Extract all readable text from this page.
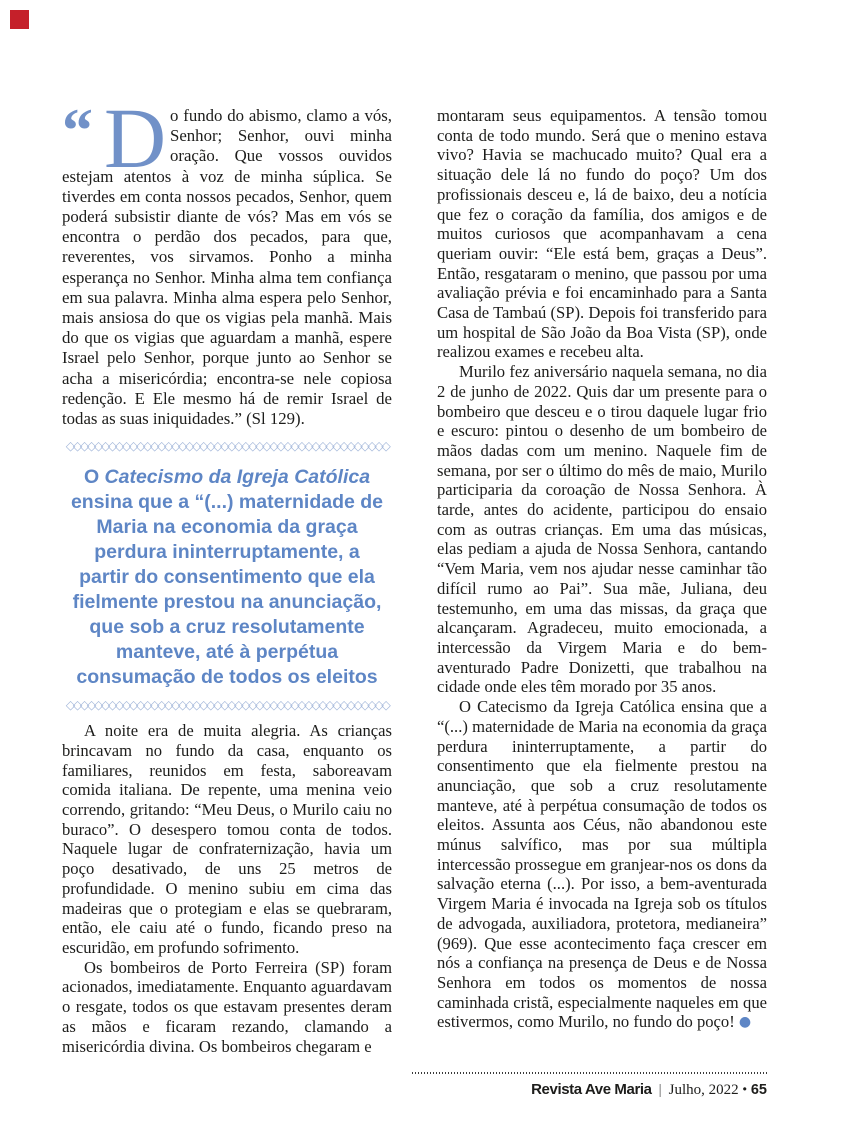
“ D o fundo do abismo, clamo a vós, Senhor; Senhor, ouvi minha oração. Que vossos ouvidos estejam atentos à voz de minha súplica. Se tiverdes em conta nossos pecados, Senhor, quem poderá subsistir diante de vós? Mas em vós se encontra o perdão dos pecados, para que, reverentes, vos sirvamos. Ponho a minha esperança no Senhor. Minha alma tem confiança em sua palavra. Minha alma espera pelo Senhor, mais ansiosa do que os vigias pela manhã. Mais do que os vigias que aguardam a manhã, espere Israel pelo Senhor, porque junto ao Senhor se acha a misericórdia; encontra-se nele copiosa redenção. E Ele mesmo há de remir Israel de todas as suas iniquidades.” (Sl 129).
◇◇◇◇◇◇◇◇◇◇◇◇◇◇◇◇◇◇◇◇◇◇◇◇◇◇◇◇◇◇◇◇◇◇◇◇◇◇◇◇◇◇◇◇◇◇
O Catecismo da Igreja Católica ensina que a “(...) maternidade de Maria na economia da graça perdura ininterruptamente, a partir do consentimento que ela fielmente prestou na anunciação, que sob a cruz resolutamente manteve, até à perpétua consumação de todos os eleitos
◇◇◇◇◇◇◇◇◇◇◇◇◇◇◇◇◇◇◇◇◇◇◇◇◇◇◇◇◇◇◇◇◇◇◇◇◇◇◇◇◇◇◇◇◇◇

A noite era de muita alegria. As crianças brincavam no fundo da casa, enquanto os familiares, reunidos em festa, saboreavam comida italiana. De repente, uma menina veio correndo, gritando: “Meu Deus, o Murilo caiu no buraco”. O desespero tomou conta de todos. Naquele lugar de confraternização, havia um poço desativado, de uns 25 metros de profundidade. O menino subiu em cima das madeiras que o protegiam e elas se quebraram, então, ele caiu até o fundo, ficando preso na escuridão, em profundo sofrimento.

Os bombeiros de Porto Ferreira (SP) foram acionados, imediatamente. Enquanto aguardavam o resgate, todos os que estavam presentes deram as mãos e ficaram rezando, clamando a misericórdia divina. Os bombeiros chegaram e

montaram seus equipamentos. A tensão tomou conta de todo mundo. Será que o menino estava vivo? Havia se machucado muito? Qual era a situação dele lá no fundo do poço? Um dos profissionais desceu e, lá de baixo, deu a notícia que fez o coração da família, dos amigos e de muitos curiosos que acompanhavam a cena queriam ouvir: “Ele está bem, graças a Deus”. Então, resgataram o menino, que passou por uma avaliação prévia e foi encaminhado para a Santa Casa de Tambaú (SP). Depois foi transferido para um hospital de São João da Boa Vista (SP), onde realizou exames e recebeu alta.

Murilo fez aniversário naquela semana, no dia 2 de junho de 2022. Quis dar um presente para o bombeiro que desceu e o tirou daquele lugar frio e escuro: pintou o desenho de um bombeiro de mãos dadas com um menino. Naquele fim de semana, por ser o último do mês de maio, Murilo participaria da coroação de Nossa Senhora. À tarde, antes do acidente, participou do ensaio com as outras crianças. Em uma das músicas, elas pediam a ajuda de Nossa Senhora, cantando “Vem Maria, vem nos ajudar nesse caminhar tão difícil rumo ao Pai”. Sua mãe, Juliana, deu testemunho, em uma das missas, da graça que alcançaram. Agradeceu, muito emocionada, a intercessão da Virgem Maria e do bem-aventurado Padre Donizetti, que trabalhou na cidade onde eles têm morado por 35 anos.

O Catecismo da Igreja Católica ensina que a “(...) maternidade de Maria na economia da graça perdura ininterruptamente, a partir do consentimento que ela fielmente prestou na anunciação, que sob a cruz resolutamente manteve, até à perpétua consumação de todos os eleitos. Assunta aos Céus, não abandonou este múnus salvífico, mas por sua múltipla intercessão prossegue em granjear-nos os dons da salvação eterna (...). Por isso, a bem-aventurada Virgem Maria é invocada na Igreja sob os títulos de advogada, auxiliadora, protetora, medianeira” (969). Que esse acontecimento faça crescer em nós a confiança na presença de Deus e de Nossa Senhora em todos os momentos de nossa caminhada cristã, especialmente naqueles em que estivermos, como Murilo, no fundo do poço! ●

Revista Ave Maria | Julho, 2022 • 65
